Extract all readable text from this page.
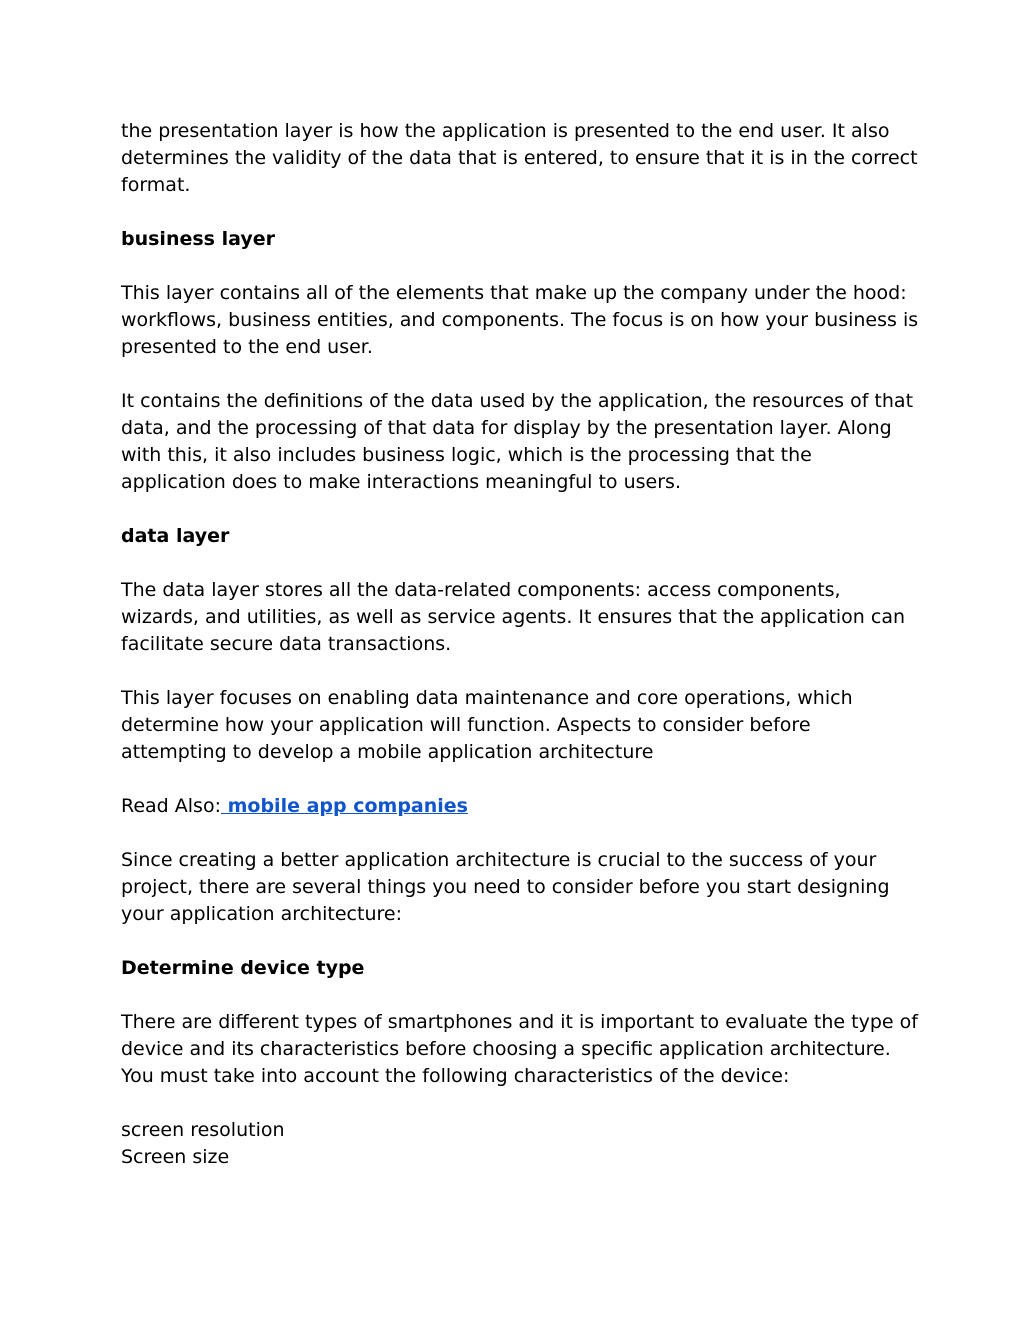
the presentation layer is how the application is presented to the end user. It also determines the validity of the data that is entered, to ensure that it is in the correct format.

business layer

This layer contains all of the elements that make up the company under the hood: workflows, business entities, and components. The focus is on how your business is presented to the end user.

It contains the definitions of the data used by the application, the resources of that data, and the processing of that data for display by the presentation layer. Along with this, it also includes business logic, which is the processing that the application does to make interactions meaningful to users.

data layer

The data layer stores all the data-related components: access components, wizards, and utilities, as well as service agents. It ensures that the application can facilitate secure data transactions.

This layer focuses on enabling data maintenance and core operations, which determine how your application will function. Aspects to consider before attempting to develop a mobile application architecture

Read Also: mobile app companies

Since creating a better application architecture is crucial to the success of your project, there are several things you need to consider before you start designing your application architecture:

Determine device type

There are different types of smartphones and it is important to evaluate the type of device and its characteristics before choosing a specific application architecture. You must take into account the following characteristics of the device:

screen resolution

Screen size
